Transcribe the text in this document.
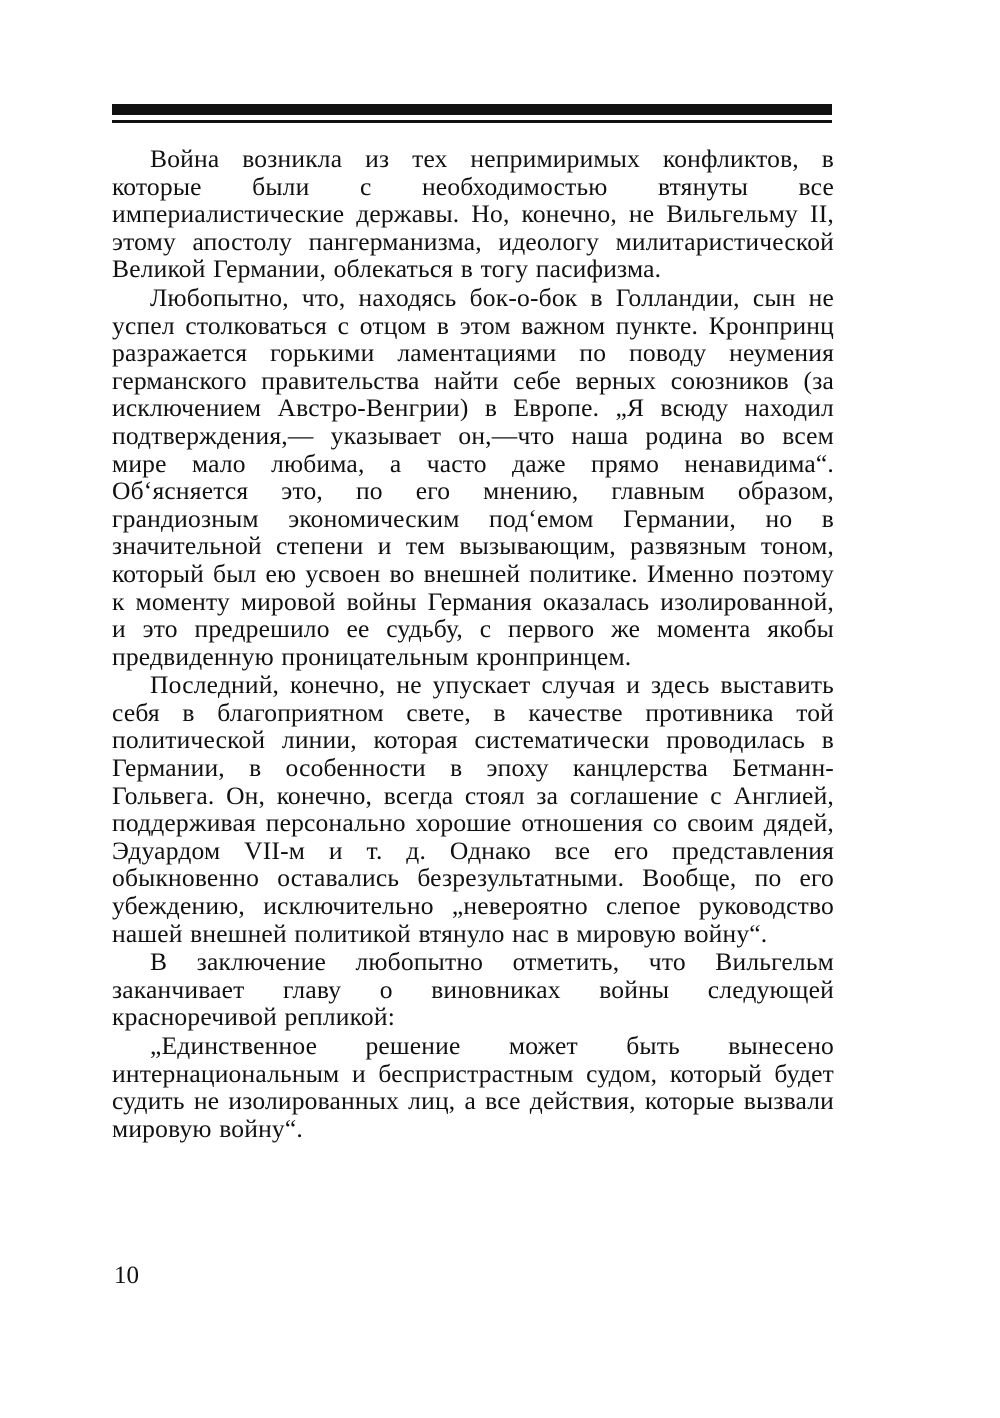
Война возникла из тех непримиримых конфликтов, в которые были с необходимостью втянуты все империалистические державы. Но, конечно, не Вильгельму II, этому апостолу пангерманизма, идеологу милитаристической Великой Германии, облекаться в тогу пасифизма.

Любопытно, что, находясь бок-о-бок в Голландии, сын не успел столковаться с отцом в этом важном пункте. Кронпринц разражается горькими ламентациями по поводу неумения германского правительства найти себе верных союзников (за исключением Австро-Венгрии) в Европе. „Я всюду находил подтверждения,— указывает он,—что наша родина во всем мире мало любима, а часто даже прямо ненавидима“. Об‘ясняется это, по его мнению, главным образом, грандиозным экономическим под‘емом Германии, но в значительной степени и тем вызывающим, развязным тоном, который был ею усвоен во внешней политике. Именно поэтому к моменту мировой войны Германия оказалась изолированной, и это предрешило ее судьбу, с первого же момента якобы предвиденную проницательным кронпринцем.

Последний, конечно, не упускает случая и здесь выставить себя в благоприятном свете, в качестве противника той политической линии, которая систематически проводилась в Германии, в особенности в эпоху канцлерства Бетманн-Гольвега. Он, конечно, всегда стоял за соглашение с Англией, поддерживая персонально хорошие отношения со своим дядей, Эдуардом VII-м и т. д. Однако все его представления обыкновенно оставались безрезультатными. Вообще, по его убеждению, исключительно „невероятно слепое руководство нашей внешней политикой втянуло нас в мировую войну“.

В заключение любопытно отметить, что Вильгельм заканчивает главу о виновниках войны следующей красноречивой репликой:

„Единственное решение может быть вынесено интернациональным и беспристрастным судом, который будет судить не изолированных лиц, а все действия, которые вызвали мировую войну“.

10
